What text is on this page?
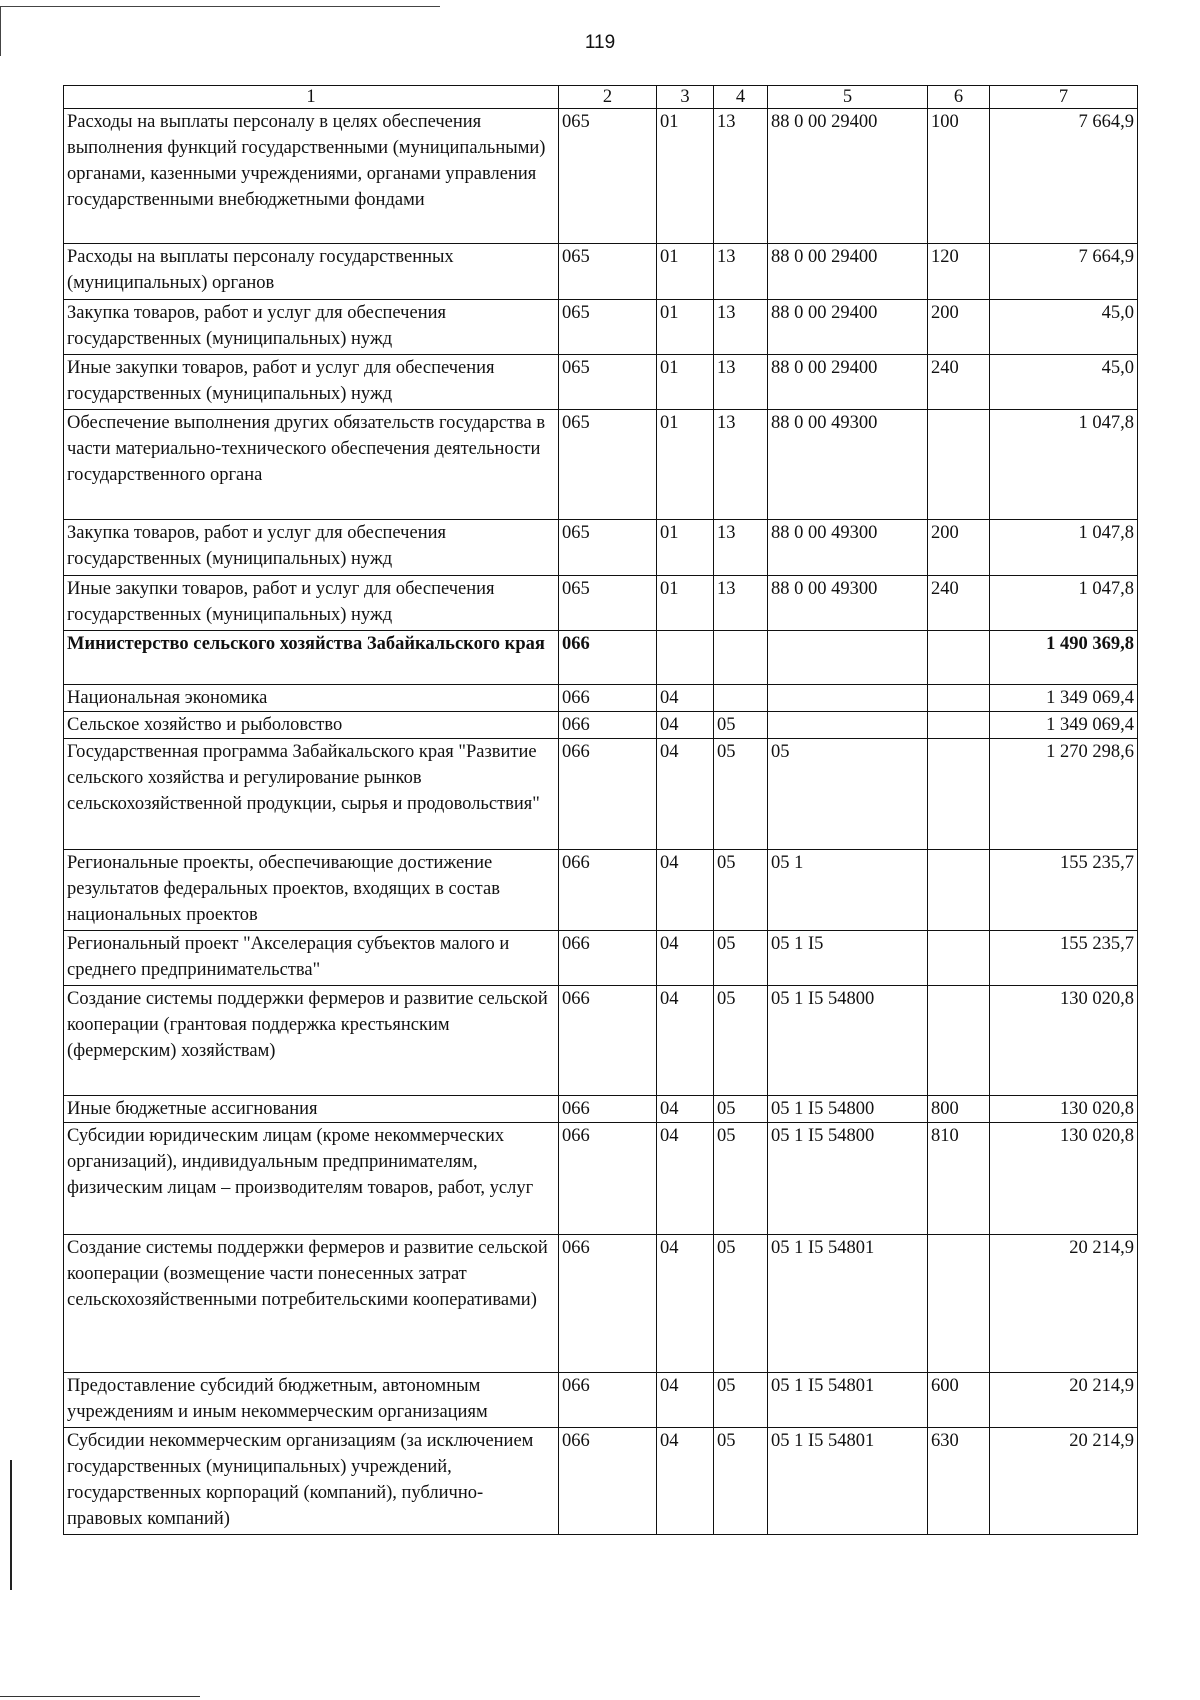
119
1	2	3	4	5	6	7
Расходы на выплаты персоналу в целях обеспечения выполнения функций государственными (муниципальными) органами, казенными учреждениями, органами управления государственными внебюджетными фондами	065	01	13	88 0 00 29400	100	7 664,9
Расходы на выплаты персоналу государственных (муниципальных) органов	065	01	13	88 0 00 29400	120	7 664,9
Закупка товаров, работ и услуг для обеспечения государственных (муниципальных) нужд	065	01	13	88 0 00 29400	200	45,0
Иные закупки товаров, работ и услуг для обеспечения государственных (муниципальных) нужд	065	01	13	88 0 00 29400	240	45,0
Обеспечение выполнения других обязательств государства в части материально-технического обеспечения деятельности государственного органа	065	01	13	88 0 00 49300		1 047,8
Закупка товаров, работ и услуг для обеспечения государственных (муниципальных) нужд	065	01	13	88 0 00 49300	200	1 047,8
Иные закупки товаров, работ и услуг для обеспечения государственных (муниципальных) нужд	065	01	13	88 0 00 49300	240	1 047,8
Министерство сельского хозяйства Забайкальского края	066					1 490 369,8
Национальная экономика	066	04				1 349 069,4
Сельское хозяйство и рыболовство	066	04	05			1 349 069,4
Государственная программа Забайкальского края "Развитие сельского хозяйства и регулирование рынков сельскохозяйственной продукции, сырья и продовольствия"	066	04	05	05		1 270 298,6
Региональные проекты, обеспечивающие достижение результатов федеральных проектов, входящих в состав национальных проектов	066	04	05	05 1		155 235,7
Региональный проект "Акселерация субъектов малого и среднего предпринимательства"	066	04	05	05 1 I5		155 235,7
Создание системы поддержки фермеров и развитие сельской кооперации (грантовая поддержка крестьянским (фермерским) хозяйствам)	066	04	05	05 1 I5 54800		130 020,8
Иные бюджетные ассигнования	066	04	05	05 1 I5 54800	800	130 020,8
Субсидии юридическим лицам (кроме некоммерческих организаций), индивидуальным предпринимателям, физическим лицам – производителям товаров, работ, услуг	066	04	05	05 1 I5 54800	810	130 020,8
Создание системы поддержки фермеров и развитие сельской кооперации (возмещение части понесенных затрат сельскохозяйственными потребительскими кооперативами)	066	04	05	05 1 I5 54801		20 214,9
Предоставление субсидий бюджетным, автономным учреждениям и иным некоммерческим организациям	066	04	05	05 1 I5 54801	600	20 214,9
Субсидии некоммерческим организациям (за исключением государственных (муниципальных) учреждений, государственных корпораций (компаний), публично-правовых компаний)	066	04	05	05 1 I5 54801	630	20 214,9
